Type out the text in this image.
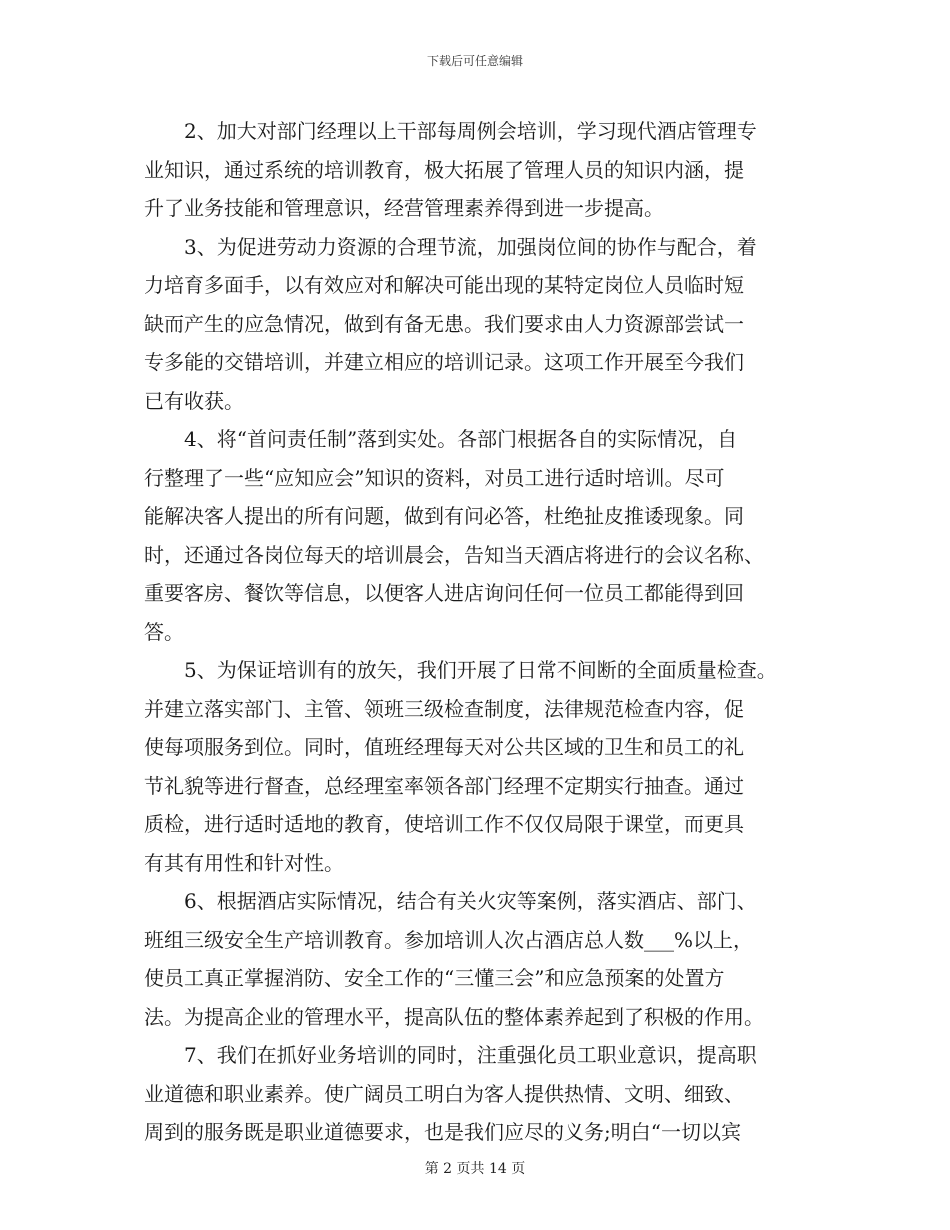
下载后可任意编辑
2、加大对部门经理以上干部每周例会培训，学习现代酒店管理专
业知识，通过系统的培训教育，极大拓展了管理人员的知识内涵，提
升了业务技能和管理意识，经营管理素养得到进一步提高。
3、为促进劳动力资源的合理节流，加强岗位间的协作与配合，着
力培育多面手，以有效应对和解决可能出现的某特定岗位人员临时短
缺而产生的应急情况，做到有备无患。我们要求由人力资源部尝试一
专多能的交错培训，并建立相应的培训记录。这项工作开展至今我们
已有收获。
4、将“首问责任制”落到实处。各部门根据各自的实际情况，自
行整理了一些“应知应会”知识的资料，对员工进行适时培训。尽可
能解决客人提出的所有问题，做到有问必答，杜绝扯皮推诿现象。同
时，还通过各岗位每天的培训晨会，告知当天酒店将进行的会议名称、
重要客房、餐饮等信息，以便客人进店询问任何一位员工都能得到回
答。
5、为保证培训有的放矢，我们开展了日常不间断的全面质量检查。
并建立落实部门、主管、领班三级检查制度，法律规范检查内容，促
使每项服务到位。同时，值班经理每天对公共区域的卫生和员工的礼
节礼貌等进行督查，总经理室率领各部门经理不定期实行抽查。通过
质检，进行适时适地的教育，使培训工作不仅仅局限于课堂，而更具
有其有用性和针对性。
6、根据酒店实际情况，结合有关火灾等案例，落实酒店、部门、
班组三级安全生产培训教育。参加培训人次占酒店总人数___%以上，
使员工真正掌握消防、安全工作的“三懂三会”和应急预案的处置方
法。为提高企业的管理水平，提高队伍的整体素养起到了积极的作用。
7、我们在抓好业务培训的同时，注重强化员工职业意识，提高职
业道德和职业素养。使广阔员工明白为客人提供热情、文明、细致、
周到的服务既是职业道德要求，也是我们应尽的义务;明白“一切以宾
第 2 页共 14 页
